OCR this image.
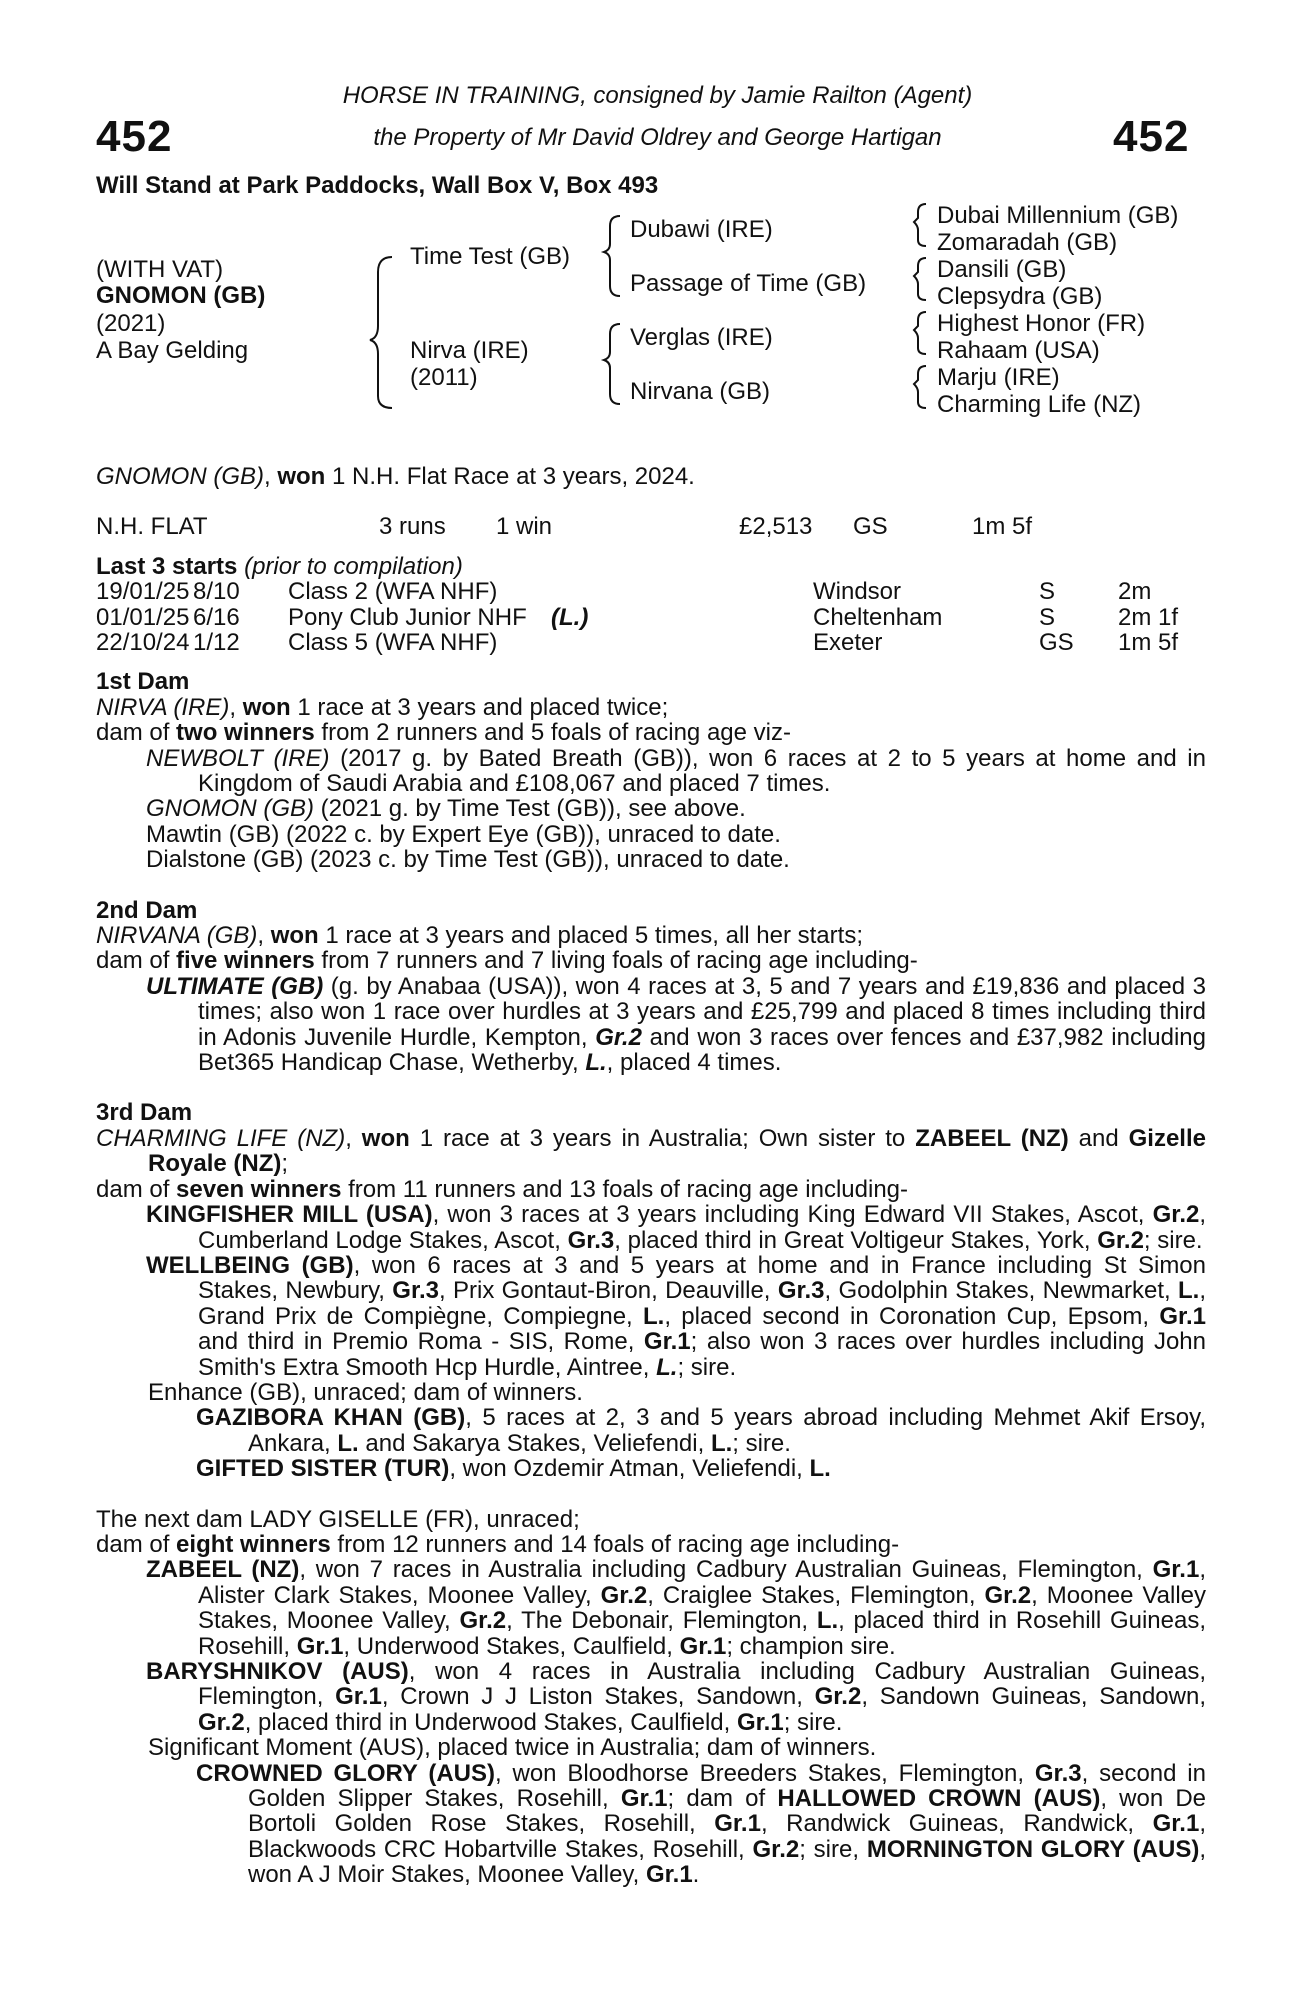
452	452
HORSE IN TRAINING, consigned by Jamie Railton (Agent)
the Property of Mr David Oldrey and George Hartigan
Will Stand at Park Paddocks, Wall Box V, Box 493
(WITH VAT)
GNOMON (GB)
(2021)
A Bay Gelding
Time Test (GB)
Nirva (IRE)
(2011)
Dubawi (IRE)
Passage of Time (GB)
Verglas (IRE)
Nirvana (GB)
Dubai Millennium (GB)
Zomaradah (GB)
Dansili (GB)
Clepsydra (GB)
Highest Honor (FR)
Rahaam (USA)
Marju (IRE)
Charming Life (NZ)

GNOMON (GB), won 1 N.H. Flat Race at 3 years, 2024.

N.H. FLAT	3 runs 1 win	£2,513 GS	1m 5f

Last 3 starts (prior to compilation)

19/01/25 8/10 Class 2 (WFA NHF)	Windsor	S	2m
01/01/25 6/16 Pony Club Junior NHF (L.)	Cheltenham	S	2m 1f
22/10/24 1/12 Class 5 (WFA NHF)	Exeter	GS 1m 5f

1st Dam

NIRVA (IRE), won 1 race at 3 years and placed twice;

dam of two winners from 2 runners and 5 foals of racing age viz-

NEWBOLT (IRE) (2017 g. by Bated Breath (GB)), won 6 races at 2 to 5 years at home and in Kingdom of Saudi Arabia and £108,067 and placed 7 times.

GNOMON (GB) (2021 g. by Time Test (GB)), see above.

Mawtin (GB) (2022 c. by Expert Eye (GB)), unraced to date.

Dialstone (GB) (2023 c. by Time Test (GB)), unraced to date.

2nd Dam

NIRVANA (GB), won 1 race at 3 years and placed 5 times, all her starts;

dam of five winners from 7 runners and 7 living foals of racing age including-

ULTIMATE (GB) (g. by Anabaa (USA)), won 4 races at 3, 5 and 7 years and £19,836 and placed 3 times; also won 1 race over hurdles at 3 years and £25,799 and placed 8 times including third in Adonis Juvenile Hurdle, Kempton, Gr.2 and won 3 races over fences and £37,982 including Bet365 Handicap Chase, Wetherby, L., placed 4 times.

3rd Dam

CHARMING LIFE (NZ), won 1 race at 3 years in Australia; Own sister to ZABEEL (NZ) and Gizelle Royale (NZ);

dam of seven winners from 11 runners and 13 foals of racing age including-

KINGFISHER MILL (USA), won 3 races at 3 years including King Edward VII Stakes, Ascot, Gr.2, Cumberland Lodge Stakes, Ascot, Gr.3, placed third in Great Voltigeur Stakes, York, Gr.2; sire.

WELLBEING (GB), won 6 races at 3 and 5 years at home and in France including St Simon Stakes, Newbury, Gr.3, Prix Gontaut-Biron, Deauville, Gr.3, Godolphin Stakes, Newmarket, L., Grand Prix de Compiègne, Compiegne, L., placed second in Coronation Cup, Epsom, Gr.1 and third in Premio Roma - SIS, Rome, Gr.1; also won 3 races over hurdles including John Smith's Extra Smooth Hcp Hurdle, Aintree, L.; sire.

Enhance (GB), unraced; dam of winners.

GAZIBORA KHAN (GB), 5 races at 2, 3 and 5 years abroad including Mehmet Akif Ersoy, Ankara, L. and Sakarya Stakes, Veliefendi, L.; sire.

GIFTED SISTER (TUR), won Ozdemir Atman, Veliefendi, L.

The next dam LADY GISELLE (FR), unraced;

dam of eight winners from 12 runners and 14 foals of racing age including-

ZABEEL (NZ), won 7 races in Australia including Cadbury Australian Guineas, Flemington, Gr.1, Alister Clark Stakes, Moonee Valley, Gr.2, Craiglee Stakes, Flemington, Gr.2, Moonee Valley Stakes, Moonee Valley, Gr.2, The Debonair, Flemington, L., placed third in Rosehill Guineas, Rosehill, Gr.1, Underwood Stakes, Caulfield, Gr.1; champion sire.

BARYSHNIKOV (AUS), won 4 races in Australia including Cadbury Australian Guineas, Flemington, Gr.1, Crown J J Liston Stakes, Sandown, Gr.2, Sandown Guineas, Sandown, Gr.2, placed third in Underwood Stakes, Caulfield, Gr.1; sire.

Significant Moment (AUS), placed twice in Australia; dam of winners.

CROWNED GLORY (AUS), won Bloodhorse Breeders Stakes, Flemington, Gr.3, second in Golden Slipper Stakes, Rosehill, Gr.1; dam of HALLOWED CROWN (AUS), won De Bortoli Golden Rose Stakes, Rosehill, Gr.1, Randwick Guineas, Randwick, Gr.1, Blackwoods CRC Hobartville Stakes, Rosehill, Gr.2; sire, MORNINGTON GLORY (AUS), won A J Moir Stakes, Moonee Valley, Gr.1.
